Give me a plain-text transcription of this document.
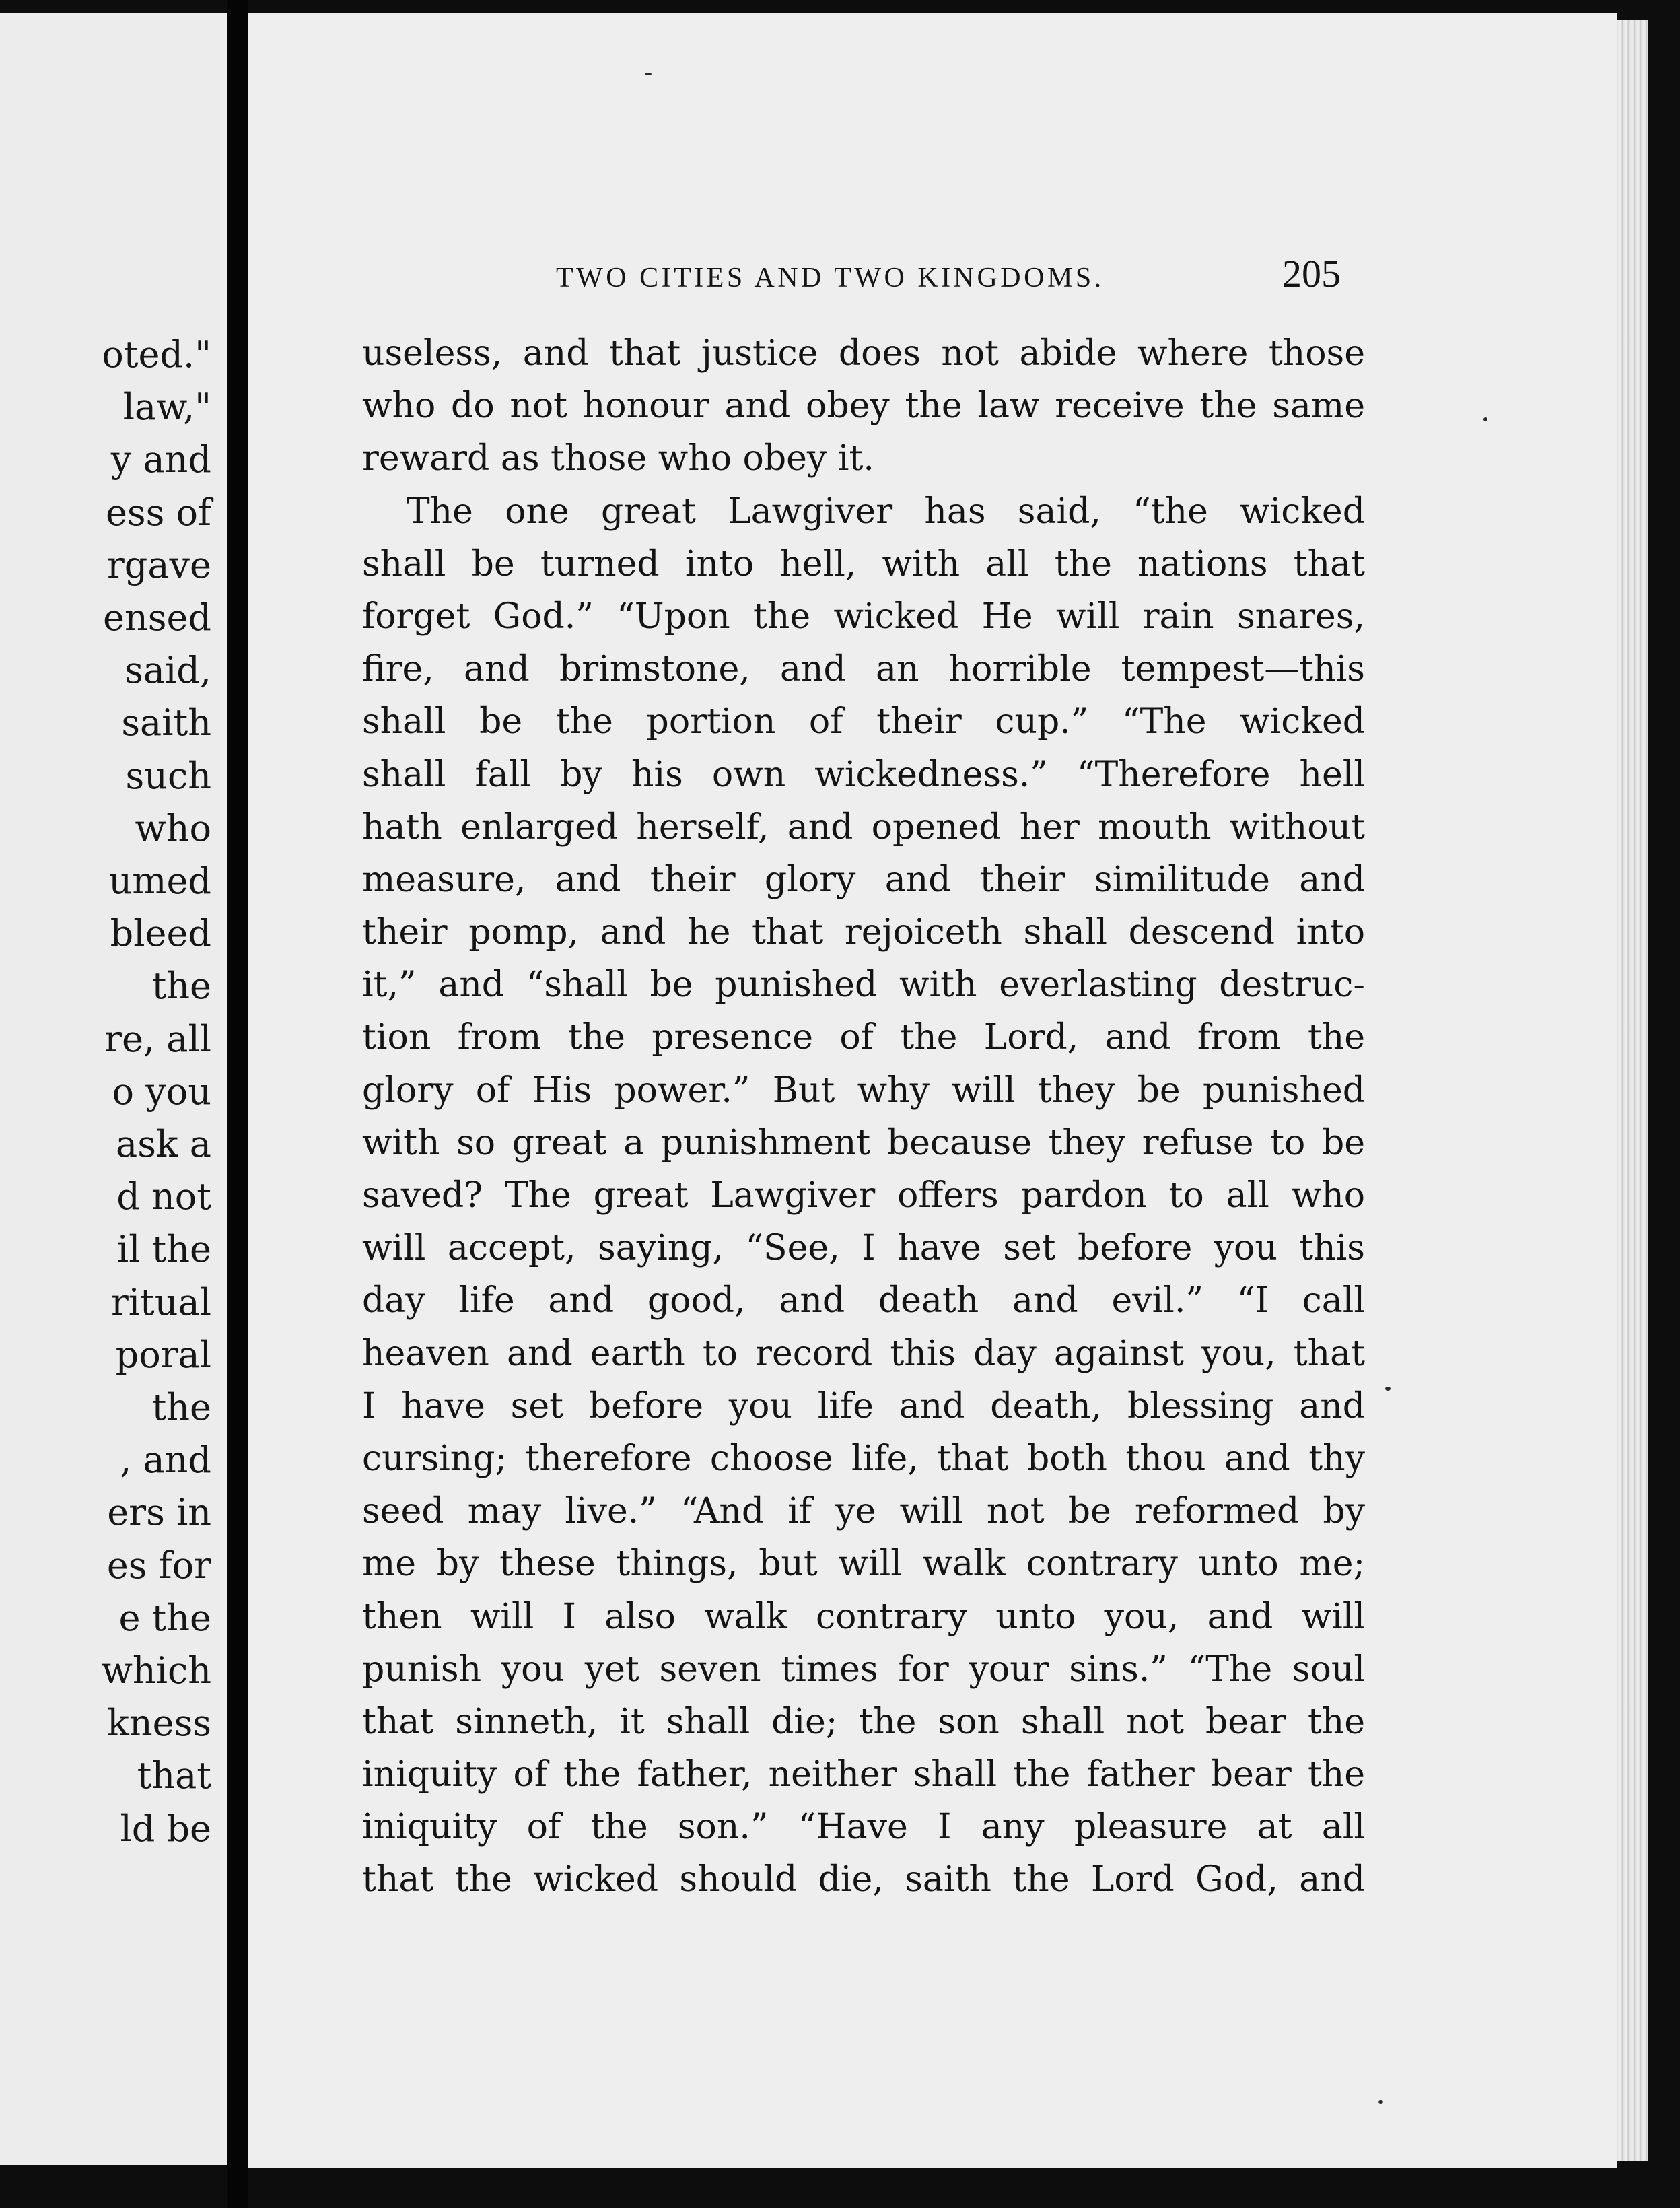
oted."
law,"
y and
ess of
rgave
ensed
said,
saith
such
who
umed
bleed
the
re, all
o you
ask a
d not
il the
ritual
poral
the
, and
ers in
es for
e the
which
kness
that
ld be
TWO CITIES AND TWO KINGDOMS.	205
useless, and that justice does not abide where those
who do not honour and obey the law receive the same
reward as those who obey it.
The one great Lawgiver has said, “the wicked
shall be turned into hell, with all the nations that
forget God.” “Upon the wicked He will rain snares,
fire, and brimstone, and an horrible tempest—this
shall be the portion of their cup.” “The wicked
shall fall by his own wickedness.” “Therefore hell
hath enlarged herself, and opened her mouth without
measure, and their glory and their similitude and
their pomp, and he that rejoiceth shall descend into
it,” and “shall be punished with everlasting destruc-
tion from the presence of the Lord, and from the
glory of His power.” But why will they be punished
with so great a punishment because they refuse to be
saved? The great Lawgiver offers pardon to all who
will accept, saying, “See, I have set before you this
day life and good, and death and evil.” “I call
heaven and earth to record this day against you, that
I have set before you life and death, blessing and
cursing; therefore choose life, that both thou and thy
seed may live.” “And if ye will not be reformed by
me by these things, but will walk contrary unto me;
then will I also walk contrary unto you, and will
punish you yet seven times for your sins.” “The soul
that sinneth, it shall die; the son shall not bear the
iniquity of the father, neither shall the father bear the
iniquity of the son.” “Have I any pleasure at all
that the wicked should die, saith the Lord God, and
